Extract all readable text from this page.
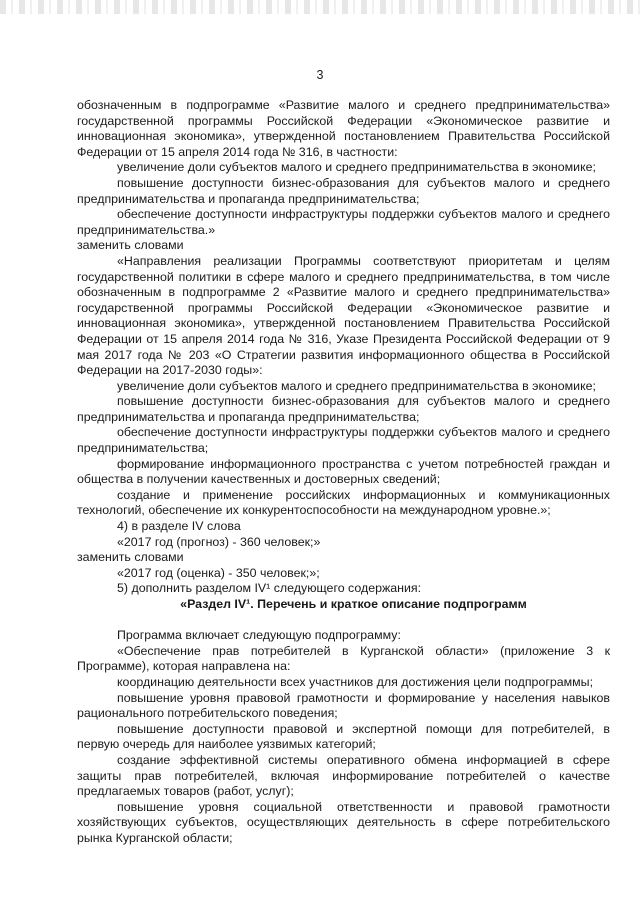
3

обозначенным в подпрограмме «Развитие малого и среднего предпринимательства» государственной программы Российской Федерации «Экономическое развитие и инновационная экономика», утвержденной постановлением Правительства Российской Федерации от 15 апреля 2014 года № 316, в частности:

увеличение доли субъектов малого и среднего предпринимательства в экономике;

повышение доступности бизнес-образования для субъектов малого и среднего предпринимательства и пропаганда предпринимательства;

обеспечение доступности инфраструктуры поддержки субъектов малого и среднего предпринимательства.»

заменить словами

«Направления реализации Программы соответствуют приоритетам и целям государственной политики в сфере малого и среднего предпринимательства, в том числе обозначенным в подпрограмме 2 «Развитие малого и среднего предпринимательства» государственной программы Российской Федерации «Экономическое развитие и инновационная экономика», утвержденной постановлением Правительства Российской Федерации от 15 апреля 2014 года № 316, Указе Президента Российской Федерации от 9 мая 2017 года № 203 «О Стратегии развития информационного общества в Российской Федерации на 2017-2030 годы»:

увеличение доли субъектов малого и среднего предпринимательства в экономике;

повышение доступности бизнес-образования для субъектов малого и среднего предпринимательства и пропаганда предпринимательства;

обеспечение доступности инфраструктуры поддержки субъектов малого и среднего предпринимательства;

формирование информационного пространства с учетом потребностей граждан и общества в получении качественных и достоверных сведений;

создание и применение российских информационных и коммуникационных технологий, обеспечение их конкурентоспособности на международном уровне.»;

4) в разделе IV слова

«2017 год (прогноз) - 360 человек;»

заменить словами

«2017 год (оценка) - 350 человек;»;

5) дополнить разделом IV¹ следующего содержания:

«Раздел IV¹. Перечень и краткое описание подпрограмм

Программа включает следующую подпрограмму:

«Обеспечение прав потребителей в Курганской области» (приложение 3 к Программе), которая направлена на:

координацию деятельности всех участников для достижения цели подпрограммы;

повышение уровня правовой грамотности и формирование у населения навыков рационального потребительского поведения;

повышение доступности правовой и экспертной помощи для потребителей, в первую очередь для наиболее уязвимых категорий;

создание эффективной системы оперативного обмена информацией в сфере защиты прав потребителей, включая информирование потребителей о качестве предлагаемых товаров (работ, услуг);

повышение уровня социальной ответственности и правовой грамотности хозяйствующих субъектов, осуществляющих деятельность в сфере потребительского рынка Курганской области;
